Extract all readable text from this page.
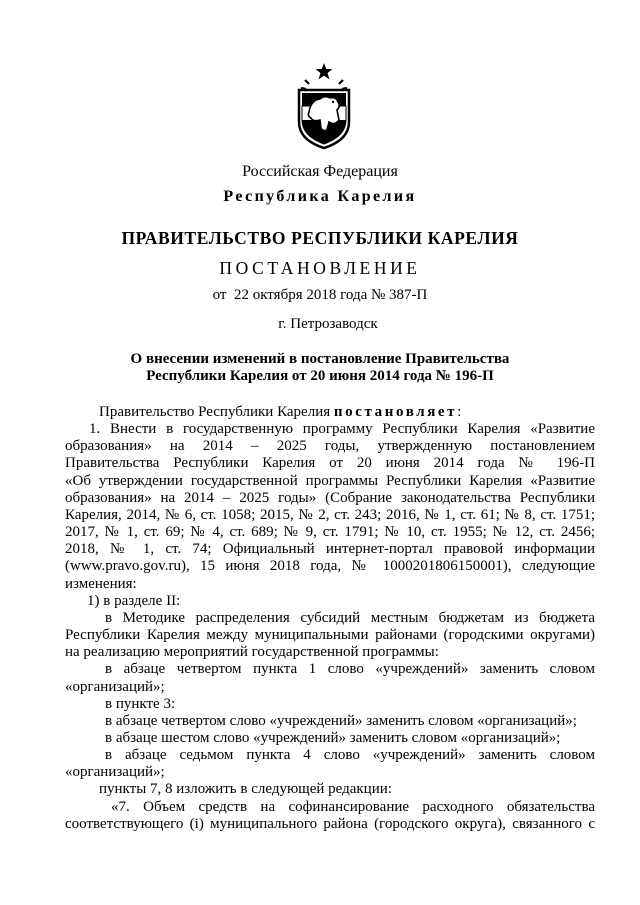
Российская Федерация
Республика Карелия
ПРАВИТЕЛЬСТВО РЕСПУБЛИКИ КАРЕЛИЯ
ПОСТАНОВЛЕНИЕ
от  22 октября 2018 года № 387-П
г. Петрозаводск
О внесении изменений в постановление Правительства
Республики Карелия от 20 июня 2014 года № 196-П

Правительство Республики Карелия постановляет:

1. Внести в государственную программу Республики Карелия «Развитие
образования» на 2014 – 2025 годы, утвержденную постановлением
Правительства Республики Карелия от 20 июня 2014 года № 196-П
«Об утверждении государственной программы Республики Карелия «Развитие
образования» на 2014 – 2025 годы» (Собрание законодательства Республики
Карелия, 2014, № 6, ст. 1058; 2015, № 2, ст. 243; 2016, № 1, ст. 61; № 8, ст. 1751;
2017, № 1, ст. 69; № 4, ст. 689; № 9, ст. 1791; № 10, ст. 1955; № 12, ст. 2456;
2018, № 1, ст. 74; Официальный интернет-портал правовой информации
(www.pravo.gov.ru), 15 июня 2018 года, № 1000201806150001), следующие
изменения:
1) в разделе II:
в Методике распределения субсидий местным бюджетам из бюджета
Республики Карелия между муниципальными районами (городскими округами)
на реализацию мероприятий государственной программы:
в абзаце четвертом пункта 1 слово «учреждений» заменить словом
«организаций»;
в пункте 3:
в абзаце четвертом слово «учреждений» заменить словом «организаций»;
в абзаце шестом слово «учреждений» заменить словом «организаций»;
в абзаце седьмом пункта 4 слово «учреждений» заменить словом
«организаций»;
пункты 7, 8 изложить в следующей редакции:
«7. Объем средств на софинансирование расходного обязательства
соответствующего (i) муниципального района (городского округа), связанного с
